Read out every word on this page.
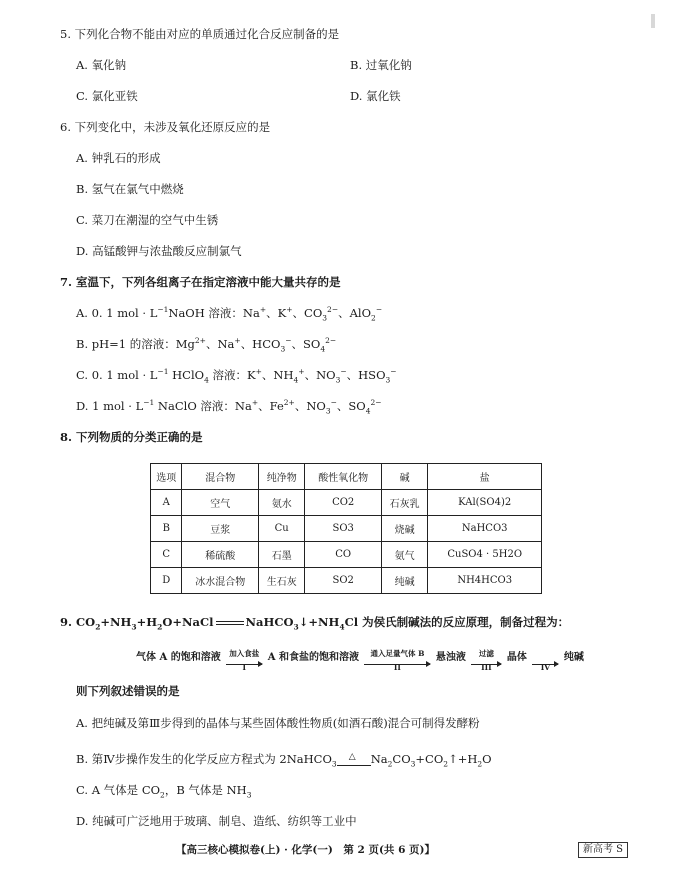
5. 下列化合物不能由对应的单质通过化合反应制备的是
A. 氧化钠	B. 过氧化钠
C. 氯化亚铁	D. 氯化铁
6. 下列变化中，未涉及氧化还原反应的是
A. 钟乳石的形成
B. 氢气在氯气中燃烧
C. 菜刀在潮湿的空气中生锈
D. 高锰酸钾与浓盐酸反应制氯气
7. 室温下，下列各组离子在指定溶液中能大量共存的是
A. 0. 1 mol · $L^{-1}NaOH$ 溶液：Na+、K+、$CO_3^{2-}$、AlO$_2$−
B. pH=1 的溶液：$Mg^{2+}$、Na+、$HCO_3^-$、$SO_4^{2-}$
C. 0. 1 mol · $L^{-1}$ HClO$_4$ 溶液：K+、$NH_4^+$、$NO_3^-$、$HSO_3^-$
D. 1 mol · $L^{-1}$ NaClO 溶液：Na+、$Fe^{2+}$、$NO_3^-$、$SO_4^{2-}$
8. 下列物质的分类正确的是
选项	混合物	纯净物	酸性氧化物	碱	盐
A	空气	氨水	CO2	石灰乳	KAl(SO4)2
B	豆浆	Cu	SO3	烧碱	NaHCO3
C	稀硫酸	石墨	CO	氨气	CuSO4 · 5H2O
D	冰水混合物	生石灰	SO2	纯碱	NH4HCO3
9. $CO_2+NH_3+H_2O+NaCl$	$NaHCO_3↓+NH_4Cl$ 为侯氏制碱法的反应原理，制备过程为：
气体 A 的饱和溶液	加入食盐
I
A 和食盐的饱和溶液	通入足量气体 B
II
悬浊液	过滤
III
晶体
IV
纯碱
则下列叙述错误的是
A. 把纯碱及第Ⅲ步得到的晶体与某些固体酸性物质(如酒石酸)混合可制得发酵粉
B. 第Ⅳ步操作发生的化学反应方程式为 2NaHCO$_3$
△ $Na_2CO_3+CO_2↑+H_2O$
C. A 气体是 $CO_2$，B 气体是 $NH_3$
D. 纯碱可广泛地用于玻璃、制皂、造纸、纺织等工业中
【高三核心模拟卷(上) · 化学(一)　第 2 页(共 6 页)】	新高考 S
